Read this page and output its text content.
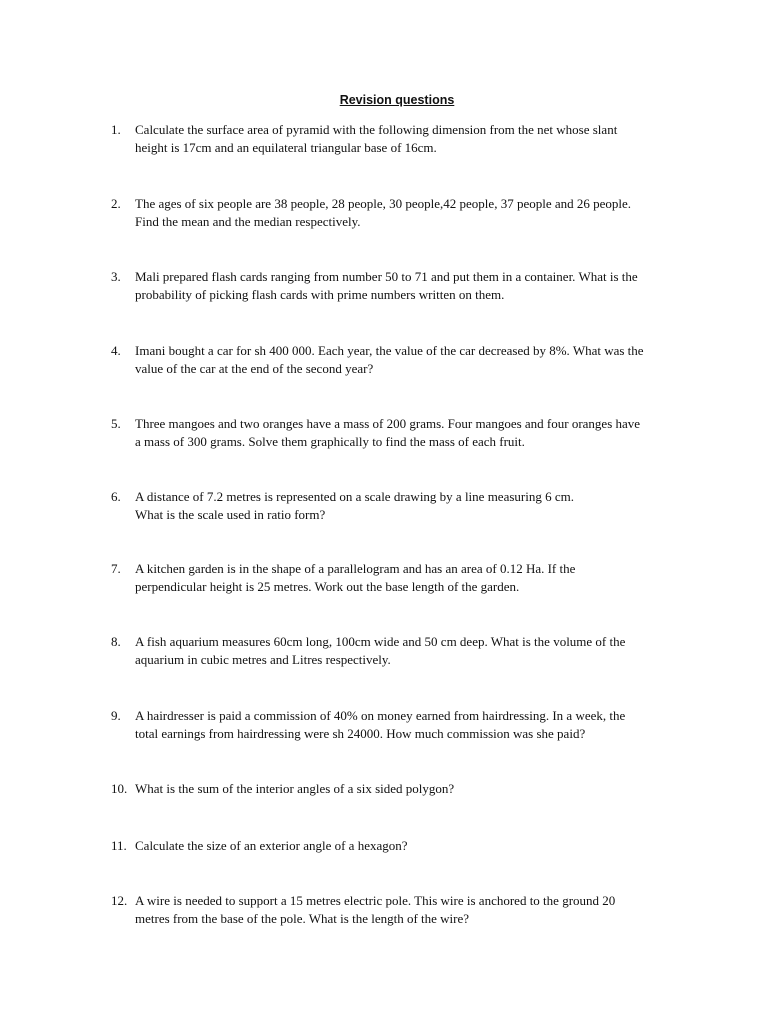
Revision questions
1. Calculate the surface area of pyramid with the following dimension from the net whose slant
height is 17cm and an equilateral triangular base of 16cm.
2. The ages of six people are 38 people, 28 people, 30 people,42 people, 37 people and 26 people.
Find the mean and the median respectively.
3. Mali prepared flash cards ranging from number 50 to 71 and put them in a container. What is the
probability of picking flash cards with prime numbers written on them.
4. Imani bought a car for sh 400 000. Each year, the value of the car decreased by 8%. What was the
value of the car at the end of the second year?
5. Three mangoes and two oranges have a mass of 200 grams. Four mangoes and four oranges have
a mass of 300 grams. Solve them graphically to find the mass of each fruit.
6. A distance of 7.2 metres is represented on a scale drawing by a line measuring 6 cm.
What is the scale used in ratio form?
7. A kitchen garden is in the shape of a parallelogram and has an area of 0.12 Ha. If the
perpendicular height is 25 metres. Work out the base length of the garden.
8. A fish aquarium measures 60cm long, 100cm wide and 50 cm deep. What is the volume of the
aquarium in cubic metres and Litres respectively.
9. A hairdresser is paid a commission of 40% on money earned from hairdressing. In a week, the
total earnings from hairdressing were sh 24000. How much commission was she paid?
10. What is the sum of the interior angles of a six sided polygon?
11. Calculate the size of an exterior angle of a hexagon?
12. A wire is needed to support a 15 metres electric pole. This wire is anchored to the ground 20
metres from the base of the pole. What is the length of the wire?
